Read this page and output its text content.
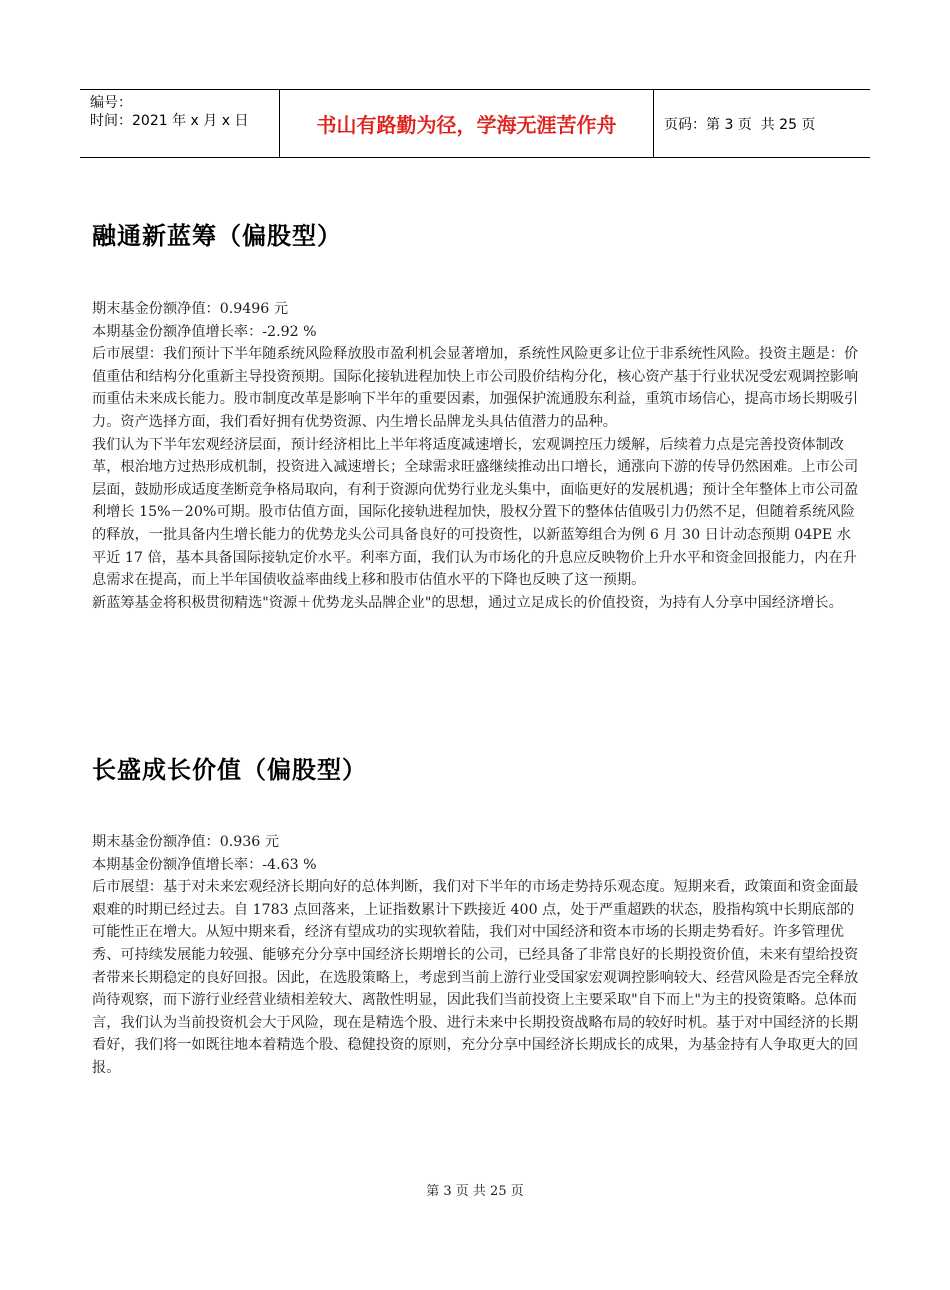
编号：
时间：2021 年 x 月 x 日	书山有路勤为径，学海无涯苦作舟	页码：第 3 页  共 25 页
融通新蓝筹（偏股型）

期末基金份额净值：0.9496 元

本期基金份额净值增长率：-2.92 %

后市展望：我们预计下半年随系统风险释放股市盈利机会显著增加，系统性风险更多让位于非系统性风险。投资主题是：价值重估和结构分化重新主导投资预期。国际化接轨进程加快上市公司股价结构分化，核心资产基于行业状况受宏观调控影响而重估未来成长能力。股市制度改革是影响下半年的重要因素，加强保护流通股东利益，重筑市场信心，提高市场长期吸引力。资产选择方面，我们看好拥有优势资源、内生增长品牌龙头具估值潜力的品种。

我们认为下半年宏观经济层面，预计经济相比上半年将适度减速增长，宏观调控压力缓解，后续着力点是完善投资体制改革，根治地方过热形成机制，投资进入减速增长；全球需求旺盛继续推动出口增长，通涨向下游的传导仍然困难。上市公司层面，鼓励形成适度垄断竞争格局取向，有利于资源向优势行业龙头集中，面临更好的发展机遇；预计全年整体上市公司盈利增长 15%－20%可期。股市估值方面，国际化接轨进程加快，股权分置下的整体估值吸引力仍然不足，但随着系统风险的释放，一批具备内生增长能力的优势龙头公司具备良好的可投资性，以新蓝筹组合为例 6 月 30 日计动态预期 04PE 水平近 17 倍，基本具备国际接轨定价水平。利率方面，我们认为市场化的升息应反映物价上升水平和资金回报能力，内在升息需求在提高，而上半年国债收益率曲线上移和股市估值水平的下降也反映了这一预期。

新蓝筹基金将积极贯彻精选"资源＋优势龙头品牌企业"的思想，通过立足成长的价值投资，为持有人分享中国经济增长。

长盛成长价值（偏股型）

期末基金份额净值：0.936 元

本期基金份额净值增长率：-4.63 %

后市展望：基于对未来宏观经济长期向好的总体判断，我们对下半年的市场走势持乐观态度。短期来看，政策面和资金面最艰难的时期已经过去。自 1783 点回落来，上证指数累计下跌接近 400 点，处于严重超跌的状态，股指构筑中长期底部的可能性正在增大。从短中期来看，经济有望成功的实现软着陆，我们对中国经济和资本市场的长期走势看好。许多管理优秀、可持续发展能力较强、能够充分分享中国经济长期增长的公司，已经具备了非常良好的长期投资价值，未来有望给投资者带来长期稳定的良好回报。因此，在选股策略上，考虑到当前上游行业受国家宏观调控影响较大、经营风险是否完全释放尚待观察，而下游行业经营业绩相差较大、离散性明显，因此我们当前投资上主要采取"自下而上"为主的投资策略。总体而言，我们认为当前投资机会大于风险，现在是精选个股、进行未来中长期投资战略布局的较好时机。基于对中国经济的长期看好，我们将一如既往地本着精选个股、稳健投资的原则，充分分享中国经济长期成长的成果，为基金持有人争取更大的回报。

第 3 页 共 25 页
